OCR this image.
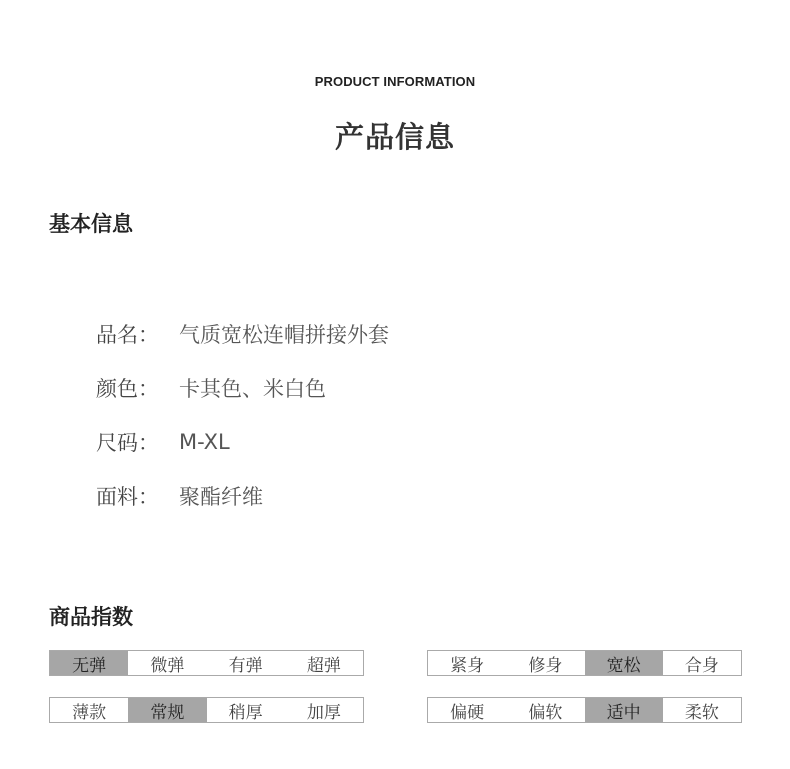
PRODUCT INFORMATION
产品信息
基本信息
品名： 气质宽松连帽拼接外套
颜色： 卡其色、米白色
尺码： M-XL
面料： 聚酯纤维
商品指数
无弹	微弹	有弹	超弹	紧身	修身	宽松	合身
薄款	常规	稍厚	加厚	偏硬	偏软	适中	柔软
